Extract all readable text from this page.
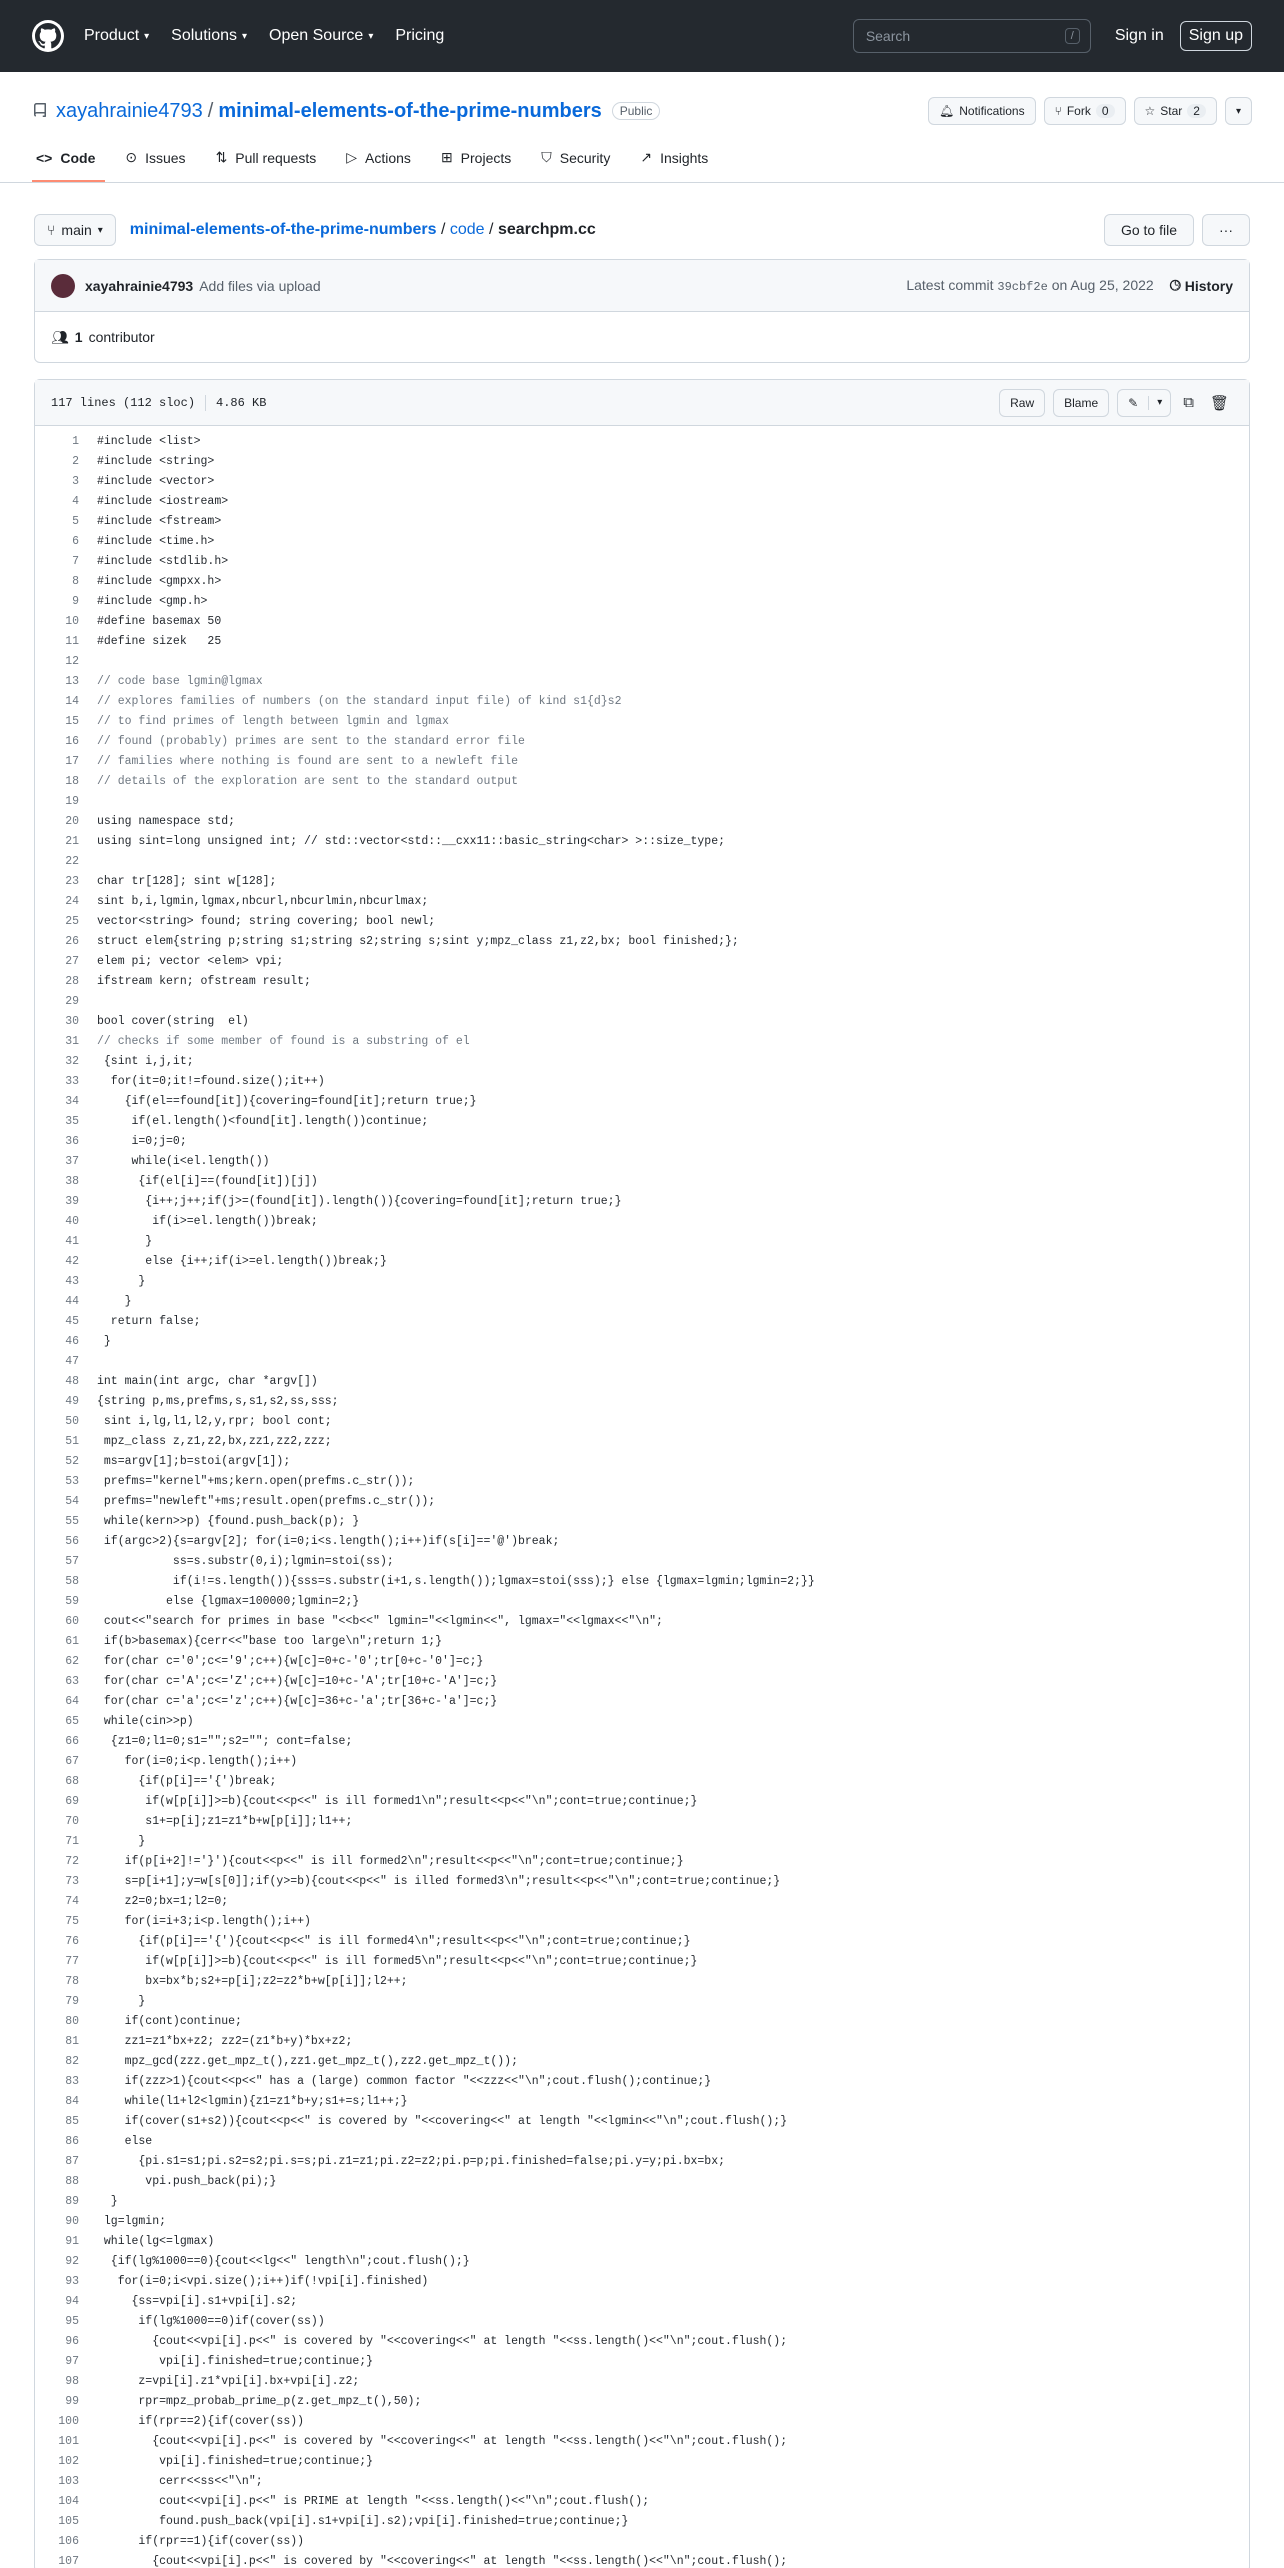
Product ▾ Solutions ▾ Open Source ▾ Pricing	Search	/	Sign in	Sign up
xayahrainie4793 / minimal-elements-of-the-prime-numbers	Public	🔔︎ Notifications	⑂ Fork 0	☆ Star 2	▾
<> Code ⊙ Issues ⇅ Pull requests ▷ Actions ⊞ Projects ⛉ Security ↗ Insights
⑂ main ▾ minimal-elements-of-the-prime-numbers / code / searchpm.cc	Go to file	···
xayahrainie4793 Add files via upload	Latest commit 39cbf2e on Aug 25, 2022 🕒︎ History
👥︎ 1 contributor
117 lines (112 sloc) 4.86 KB	Raw	Blame	✎	▾	⧉ 🗑︎
1	#include <list>
2	#include <string>
3	#include <vector>
4	#include <iostream>
5	#include <fstream>
6	#include <time.h>
7	#include <stdlib.h>
8	#include <gmpxx.h>
9	#include <gmp.h>
10	#define basemax 50
11	#define sizek   25
12
13	// code base lgmin@lgmax
14	// explores families of numbers (on the standard input file) of kind s1{d}s2
15	// to find primes of length between lgmin and lgmax
16	// found (probably) primes are sent to the standard error file
17	// families where nothing is found are sent to a newleft file
18	// details of the exploration are sent to the standard output
19
20	using namespace std;
21	using sint=long unsigned int; // std::vector<std::__cxx11::basic_string<char> >::size_type;
22
23	char tr[128]; sint w[128];
24	sint b,i,lgmin,lgmax,nbcurl,nbcurlmin,nbcurlmax;
25	vector<string> found; string covering; bool newl;
26	struct elem{string p;string s1;string s2;string s;sint y;mpz_class z1,z2,bx; bool finished;};
27	elem pi; vector <elem> vpi;
28	ifstream kern; ofstream result;
29
30	bool cover(string  el)
31	// checks if some member of found is a substring of el
32	{sint i,j,it;
33	for(it=0;it!=found.size();it++)
34	{if(el==found[it]){covering=found[it];return true;}
35	if(el.length()<found[it].length())continue;
36	i=0;j=0;
37	while(i<el.length())
38	{if(el[i]==(found[it])[j])
39	{i++;j++;if(j>=(found[it]).length()){covering=found[it];return true;}
40	if(i>=el.length())break;
41	}
42	else {i++;if(i>=el.length())break;}
43	}
44	}
45	return false;
46	}
47
48	int main(int argc, char *argv[])
49	{string p,ms,prefms,s,s1,s2,ss,sss;
50	sint i,lg,l1,l2,y,rpr; bool cont;
51	mpz_class z,z1,z2,bx,zz1,zz2,zzz;
52	ms=argv[1];b=stoi(argv[1]);
53	prefms="kernel"+ms;kern.open(prefms.c_str());
54	prefms="newleft"+ms;result.open(prefms.c_str());
55	while(kern>>p) {found.push_back(p); }
56	if(argc>2){s=argv[2]; for(i=0;i<s.length();i++)if(s[i]=='@')break;
57	ss=s.substr(0,i);lgmin=stoi(ss);
58	if(i!=s.length()){sss=s.substr(i+1,s.length());lgmax=stoi(sss);} else {lgmax=lgmin;lgmin=2;}}
59	else {lgmax=100000;lgmin=2;}
60	cout<<"search for primes in base "<<b<<" lgmin="<<lgmin<<", lgmax="<<lgmax<<"\n";
61	if(b>basemax){cerr<<"base too large\n";return 1;}
62	for(char c='0';c<='9';c++){w[c]=0+c-'0';tr[0+c-'0']=c;}
63	for(char c='A';c<='Z';c++){w[c]=10+c-'A';tr[10+c-'A']=c;}
64	for(char c='a';c<='z';c++){w[c]=36+c-'a';tr[36+c-'a']=c;}
65	while(cin>>p)
66	{z1=0;l1=0;s1="";s2=""; cont=false;
67	for(i=0;i<p.length();i++)
68	{if(p[i]=='{')break;
69	if(w[p[i]]>=b){cout<<p<<" is ill formed1\n";result<<p<<"\n";cont=true;continue;}
70	s1+=p[i];z1=z1*b+w[p[i]];l1++;
71	}
72	if(p[i+2]!='}'){cout<<p<<" is ill formed2\n";result<<p<<"\n";cont=true;continue;}
73	s=p[i+1];y=w[s[0]];if(y>=b){cout<<p<<" is illed formed3\n";result<<p<<"\n";cont=true;continue;}
74	z2=0;bx=1;l2=0;
75	for(i=i+3;i<p.length();i++)
76	{if(p[i]=='{'){cout<<p<<" is ill formed4\n";result<<p<<"\n";cont=true;continue;}
77	if(w[p[i]]>=b){cout<<p<<" is ill formed5\n";result<<p<<"\n";cont=true;continue;}
78	bx=bx*b;s2+=p[i];z2=z2*b+w[p[i]];l2++;
79	}
80	if(cont)continue;
81	zz1=z1*bx+z2; zz2=(z1*b+y)*bx+z2;
82	mpz_gcd(zzz.get_mpz_t(),zz1.get_mpz_t(),zz2.get_mpz_t());
83	if(zzz>1){cout<<p<<" has a (large) common factor "<<zzz<<"\n";cout.flush();continue;}
84	while(l1+l2<lgmin){z1=z1*b+y;s1+=s;l1++;}
85	if(cover(s1+s2)){cout<<p<<" is covered by "<<covering<<" at length "<<lgmin<<"\n";cout.flush();}
86	else
87	{pi.s1=s1;pi.s2=s2;pi.s=s;pi.z1=z1;pi.z2=z2;pi.p=p;pi.finished=false;pi.y=y;pi.bx=bx;
88	vpi.push_back(pi);}
89	}
90	lg=lgmin;
91	while(lg<=lgmax)
92	{if(lg%1000==0){cout<<lg<<" length\n";cout.flush();}
93	for(i=0;i<vpi.size();i++)if(!vpi[i].finished)
94	{ss=vpi[i].s1+vpi[i].s2;
95	if(lg%1000==0)if(cover(ss))
96	{cout<<vpi[i].p<<" is covered by "<<covering<<" at length "<<ss.length()<<"\n";cout.flush();
97	vpi[i].finished=true;continue;}
98	z=vpi[i].z1*vpi[i].bx+vpi[i].z2;
99	rpr=mpz_probab_prime_p(z.get_mpz_t(),50);
100	if(rpr==2){if(cover(ss))
101	{cout<<vpi[i].p<<" is covered by "<<covering<<" at length "<<ss.length()<<"\n";cout.flush();
102	vpi[i].finished=true;continue;}
103	cerr<<ss<<"\n";
104	cout<<vpi[i].p<<" is PRIME at length "<<ss.length()<<"\n";cout.flush();
105	found.push_back(vpi[i].s1+vpi[i].s2);vpi[i].finished=true;continue;}
106	if(rpr==1){if(cover(ss))
107	{cout<<vpi[i].p<<" is covered by "<<covering<<" at length "<<ss.length()<<"\n";cout.flush();
